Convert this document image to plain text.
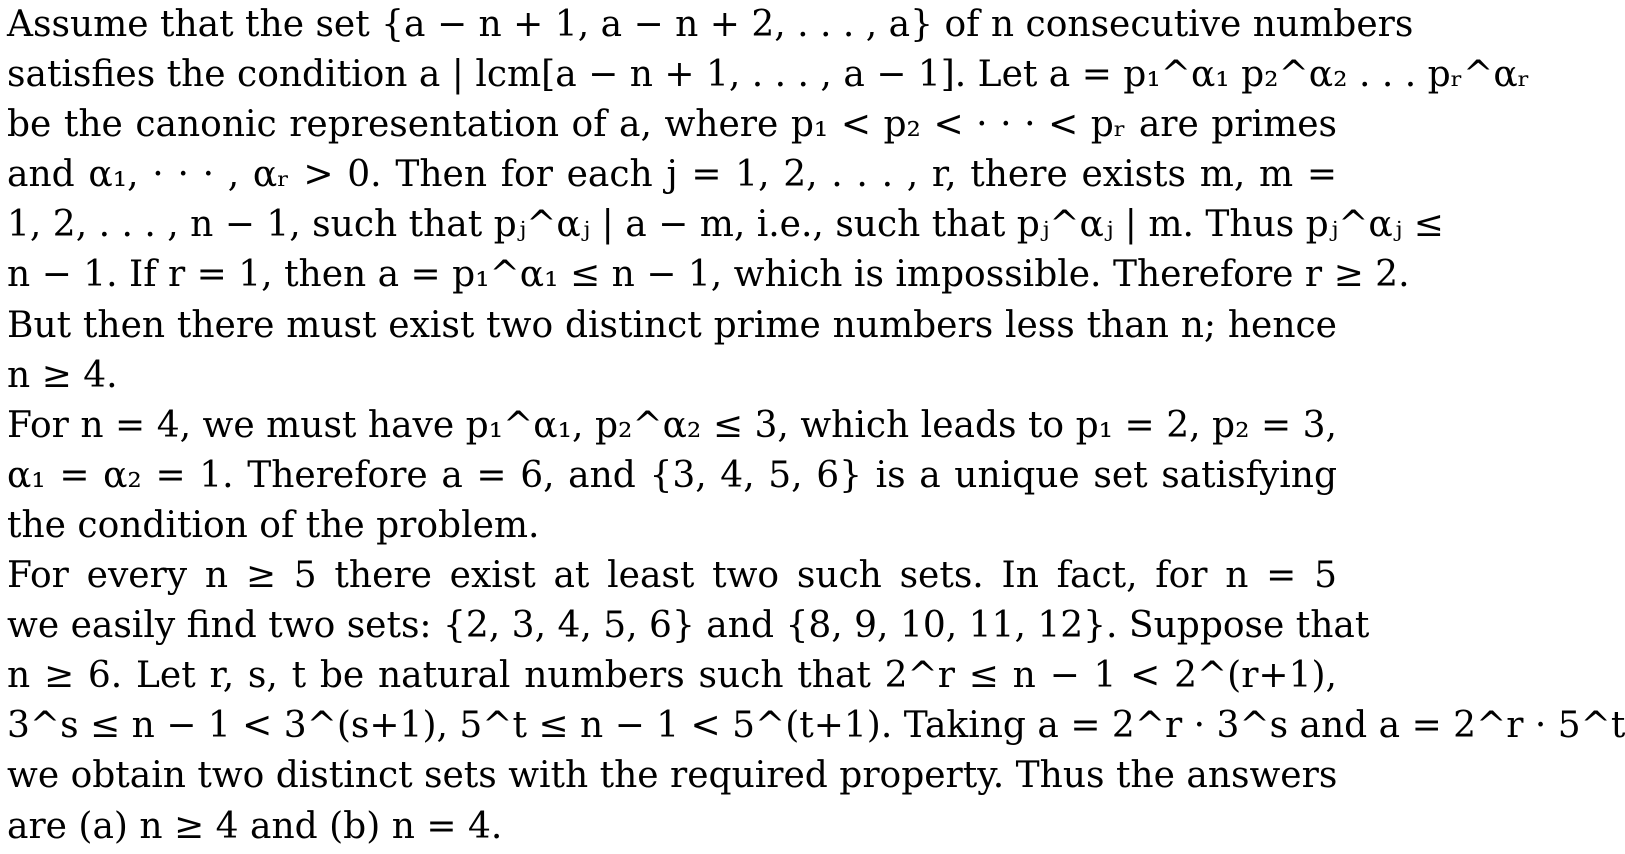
Assume that the set {a − n + 1, a − n + 2, . . . , a} of n consecutive numbers
satisfies the condition a | lcm[a − n + 1, . . . , a − 1]. Let a = p₁^α₁ p₂^α₂ . . . pᵣ^αᵣ
be the canonic representation of a, where p₁ < p₂ < · · · < pᵣ are primes
and α₁, · · · , αᵣ > 0. Then for each j = 1, 2, . . . , r, there exists m, m =
1, 2, . . . , n − 1, such that pⱼ^αⱼ | a − m, i.e., such that pⱼ^αⱼ | m. Thus pⱼ^αⱼ ≤
n − 1. If r = 1, then a = p₁^α₁ ≤ n − 1, which is impossible. Therefore r ≥ 2.
But then there must exist two distinct prime numbers less than n; hence
n ≥ 4.
For n = 4, we must have p₁^α₁, p₂^α₂ ≤ 3, which leads to p₁ = 2, p₂ = 3,
α₁ = α₂ = 1. Therefore a = 6, and {3, 4, 5, 6} is a unique set satisfying
the condition of the problem.
For every n ≥ 5 there exist at least two such sets. In fact, for n = 5
we easily find two sets: {2, 3, 4, 5, 6} and {8, 9, 10, 11, 12}. Suppose that
n ≥ 6. Let r, s, t be natural numbers such that 2^r ≤ n − 1 < 2^(r+1),
3^s ≤ n − 1 < 3^(s+1), 5^t ≤ n − 1 < 5^(t+1). Taking a = 2^r · 3^s and a = 2^r · 5^t
we obtain two distinct sets with the required property. Thus the answers
are (a) n ≥ 4 and (b) n = 4.
